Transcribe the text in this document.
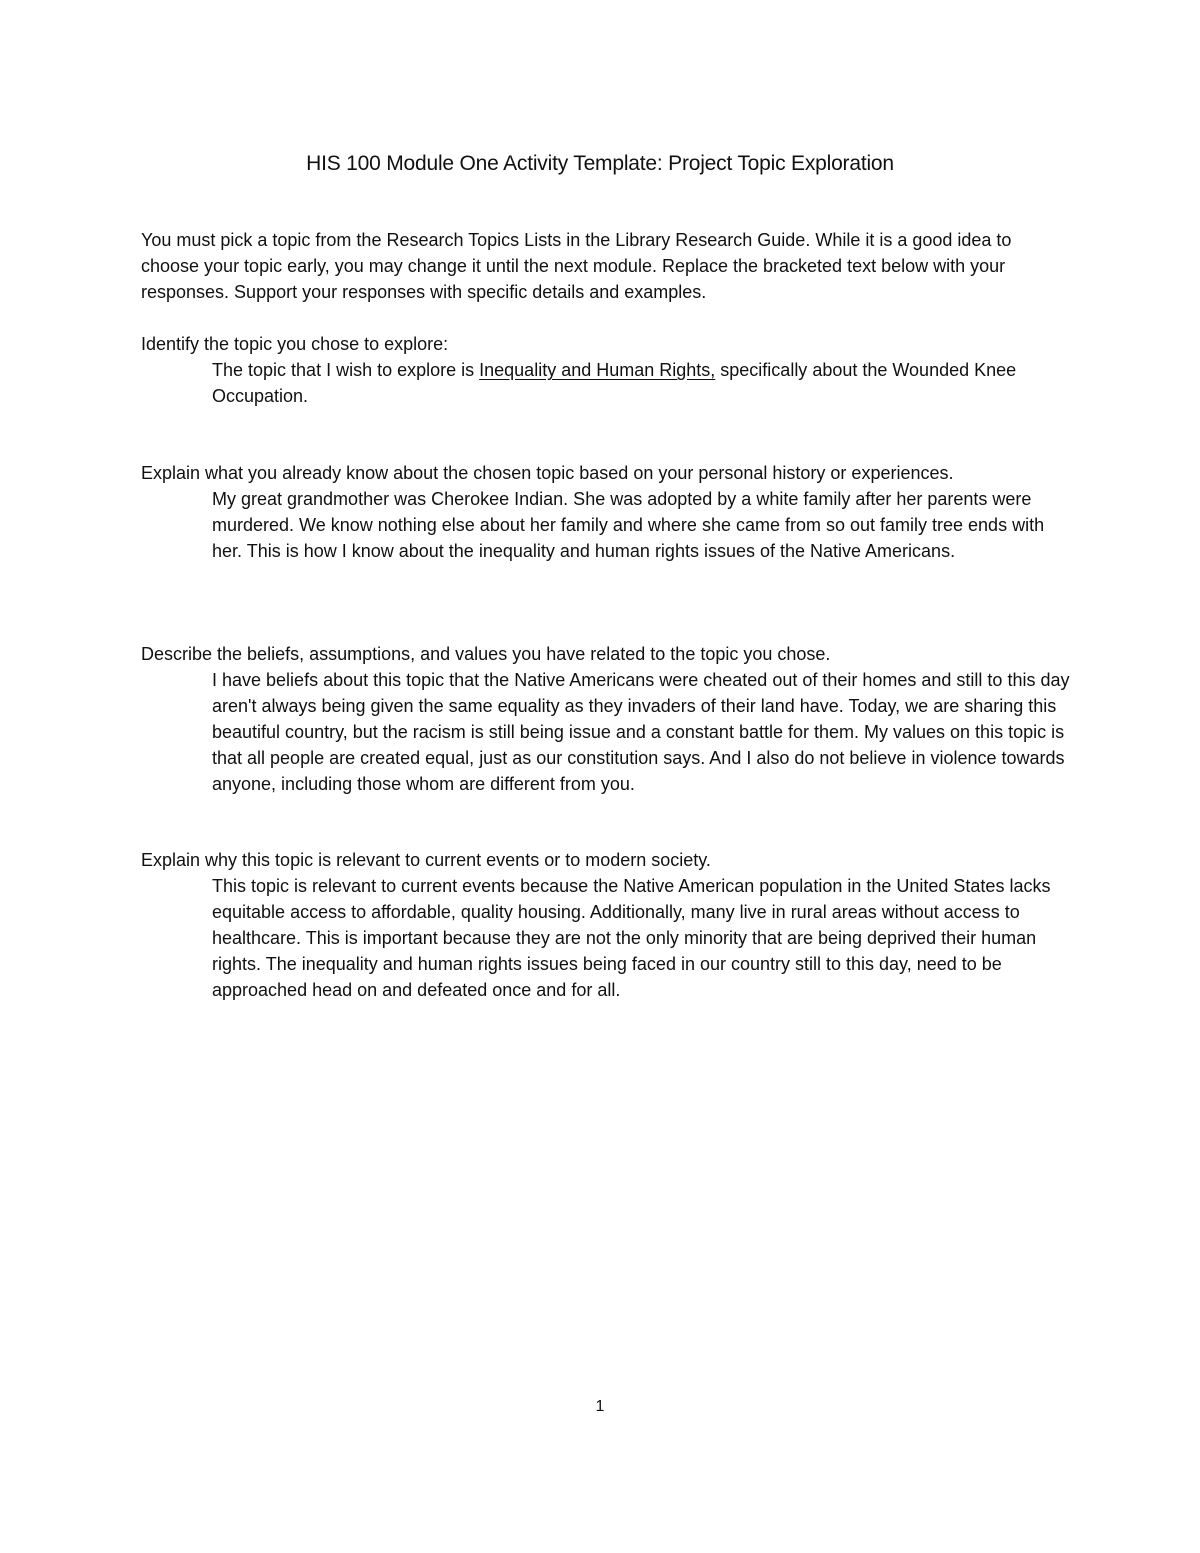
HIS 100 Module One Activity Template: Project Topic Exploration
You must pick a topic from the Research Topics Lists in the Library Research Guide. While it is a good idea to choose your topic early, you may change it until the next module. Replace the bracketed text below with your responses. Support your responses with specific details and examples.
Identify the topic you chose to explore:
The topic that I wish to explore is Inequality and Human Rights, specifically about the Wounded Knee Occupation.
Explain what you already know about the chosen topic based on your personal history or experiences.
My great grandmother was Cherokee Indian. She was adopted by a white family after her parents were murdered. We know nothing else about her family and where she came from so out family tree ends with her. This is how I know about the inequality and human rights issues of the Native Americans.
Describe the beliefs, assumptions, and values you have related to the topic you chose.
I have beliefs about this topic that the Native Americans were cheated out of their homes and still to this day aren't always being given the same equality as they invaders of their land have. Today, we are sharing this beautiful country, but the racism is still being issue and a constant battle for them. My values on this topic is that all people are created equal, just as our constitution says. And I also do not believe in violence towards anyone, including those whom are different from you.
Explain why this topic is relevant to current events or to modern society.
This topic is relevant to current events because the Native American population in the United States lacks equitable access to affordable, quality housing. Additionally, many live in rural areas without access to healthcare. This is important because they are not the only minority that are being deprived their human rights. The inequality and human rights issues being faced in our country still to this day, need to be approached head on and defeated once and for all.
1
